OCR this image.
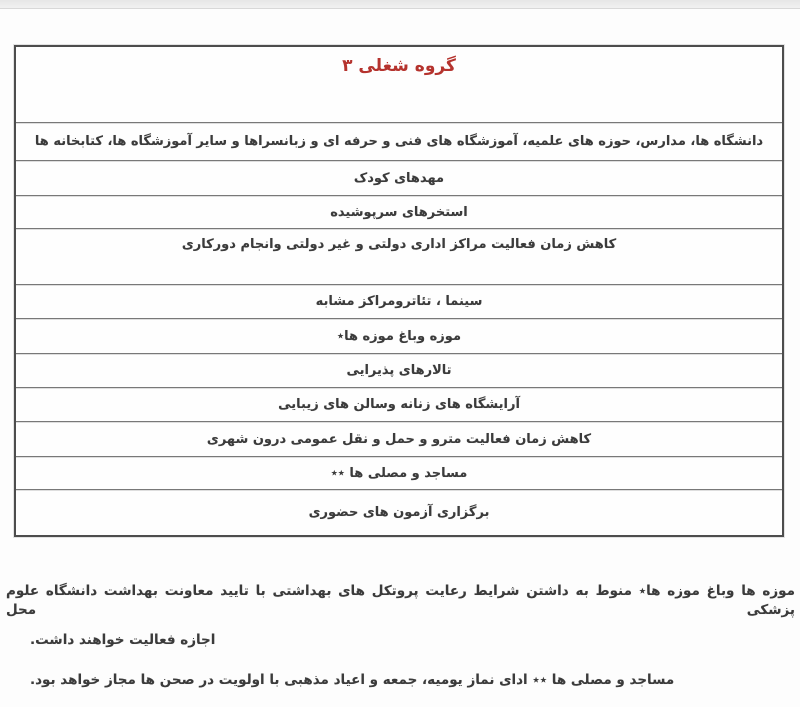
گروه شغلی ۳
دانشگاه ها، مدارس، حوزه های علمیه، آموزشگاه های فنی و حرفه ای و زبانسراها و سایر آموزشگاه ها، کتابخانه ها
مهدهای کودک
استخرهای سرپوشیده
کاهش زمان فعالیت مراکز اداری دولتی و غیر دولتی وانجام دورکاری
سینما ، تئاترومراکز مشابه
موزه وباغ موزه ها٭
تالارهای پذیرایی
آرایشگاه های زنانه وسالن های زیبایی
کاهش زمان فعالیت مترو و حمل و نقل عمومی درون شهری
مساجد و مصلی ها ٭٭
برگزاری آزمون های حضوری
موزه ها وباغ موزه ها٭ منوط به داشتن شرایط رعایت پروتکل های بهداشتی با تایید معاونت بهداشت دانشگاه علوم پزشکی محل
اجازه فعالیت خواهند داشت.
مساجد و مصلی ها ٭٭ ادای نماز یومیه، جمعه و اعیاد مذهبی با اولویت در صحن ها مجاز خواهد بود.
